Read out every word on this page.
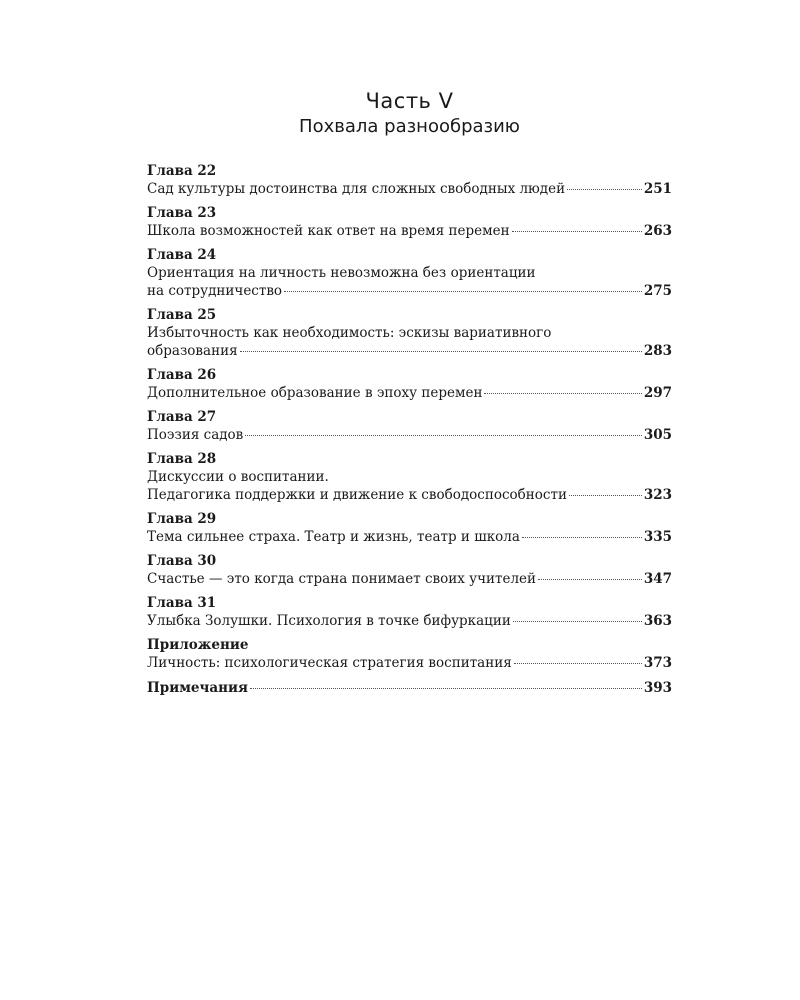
Часть V
Похвала разнообразию
Глава 22
Сад культуры достоинства для сложных свободных людей	251
Глава 23
Школа возможностей как ответ на время перемен	263
Глава 24
Ориентация на личность невозможна без ориентации
на сотрудничество	275
Глава 25
Избыточность как необходимость: эскизы вариативного
образования	283
Глава 26
Дополнительное образование в эпоху перемен	297
Глава 27
Поэзия садов	305
Глава 28
Дискуссии о воспитании.
Педагогика поддержки и движение к свободоспособности	323
Глава 29
Тема сильнее страха. Театр и жизнь, театр и школа	335
Глава 30
Счастье — это когда страна понимает своих учителей	347
Глава 31
Улыбка Золушки. Психология в точке бифуркации	363
Приложение
Личность: психологическая стратегия воспитания	373
Примечания	393
